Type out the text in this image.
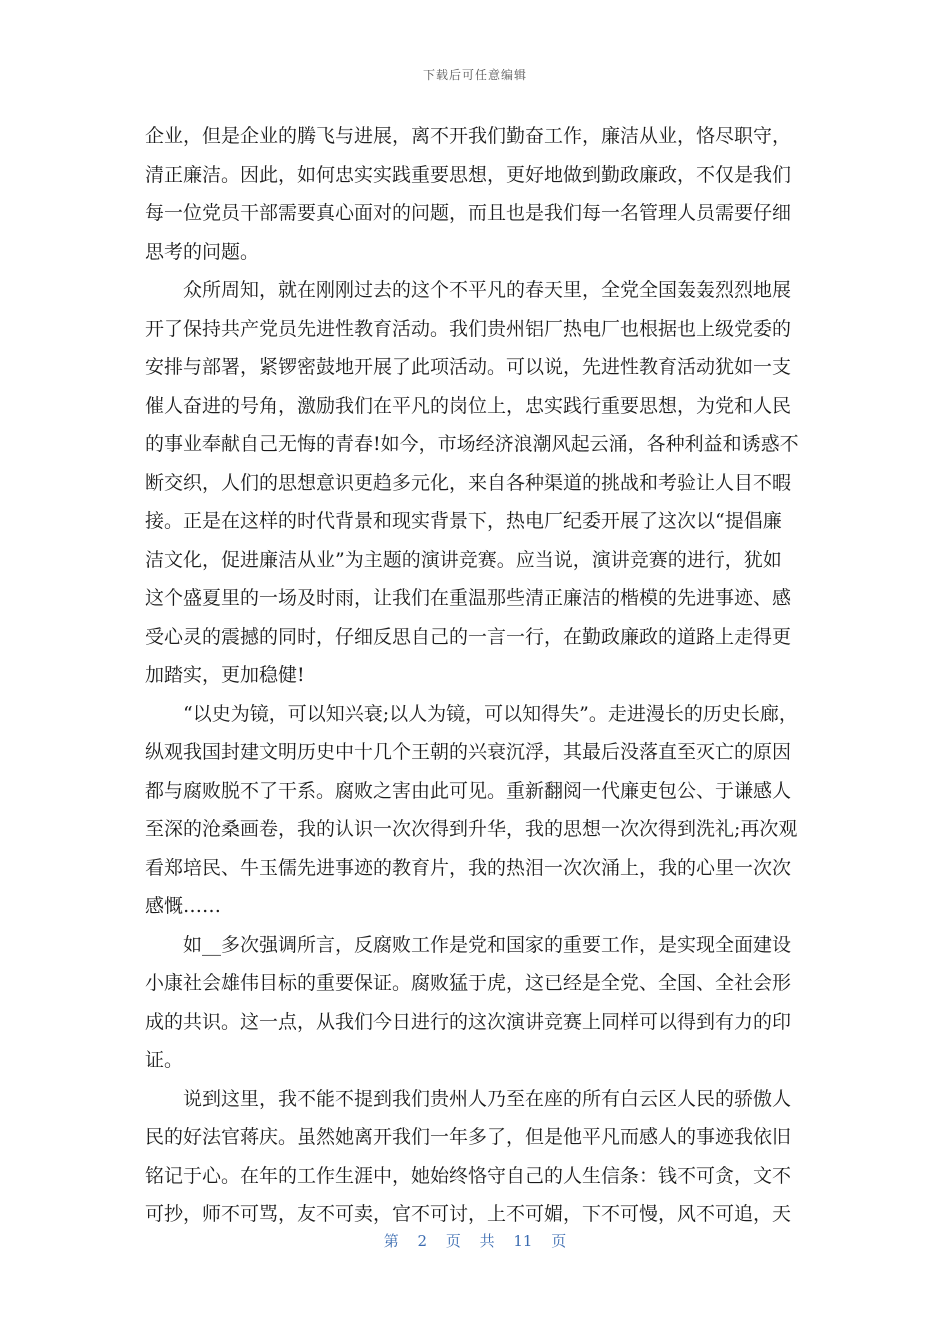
下载后可任意编辑
企业，但是企业的腾飞与进展，离不开我们勤奋工作，廉洁从业，恪尽职守，
清正廉洁。因此，如何忠实实践重要思想，更好地做到勤政廉政，不仅是我们
每一位党员干部需要真心面对的问题，而且也是我们每一名管理人员需要仔细
思考的问题。
众所周知，就在刚刚过去的这个不平凡的春天里，全党全国轰轰烈烈地展
开了保持共产党员先进性教育活动。我们贵州铝厂热电厂也根据也上级党委的
安排与部署，紧锣密鼓地开展了此项活动。可以说，先进性教育活动犹如一支
催人奋进的号角，激励我们在平凡的岗位上，忠实践行重要思想，为党和人民
的事业奉献自己无悔的青春!如今，市场经济浪潮风起云涌，各种利益和诱惑不
断交织，人们的思想意识更趋多元化，来自各种渠道的挑战和考验让人目不暇
接。正是在这样的时代背景和现实背景下，热电厂纪委开展了这次以“提倡廉
洁文化，促进廉洁从业”为主题的演讲竞赛。应当说，演讲竞赛的进行，犹如
这个盛夏里的一场及时雨，让我们在重温那些清正廉洁的楷模的先进事迹、感
受心灵的震撼的同时，仔细反思自己的一言一行，在勤政廉政的道路上走得更
加踏实，更加稳健!
“以史为镜，可以知兴衰;以人为镜，可以知得失”。走进漫长的历史长廊，
纵观我国封建文明历史中十几个王朝的兴衰沉浮，其最后没落直至灭亡的原因
都与腐败脱不了干系。腐败之害由此可见。重新翻阅一代廉吏包公、于谦感人
至深的沧桑画卷，我的认识一次次得到升华，我的思想一次次得到洗礼;再次观
看郑培民、牛玉儒先进事迹的教育片，我的热泪一次次涌上，我的心里一次次
感慨……
如__多次强调所言，反腐败工作是党和国家的重要工作，是实现全面建设
小康社会雄伟目标的重要保证。腐败猛于虎，这已经是全党、全国、全社会形
成的共识。这一点，从我们今日进行的这次演讲竞赛上同样可以得到有力的印
证。
说到这里，我不能不提到我们贵州人乃至在座的所有白云区人民的骄傲人
民的好法官蒋庆。虽然她离开我们一年多了，但是他平凡而感人的事迹我依旧
铭记于心。在年的工作生涯中，她始终恪守自己的人生信条：钱不可贪，文不
可抄，师不可骂，友不可卖，官不可讨，上不可媚，下不可慢，风不可追，天
第 2 页 共 11 页
